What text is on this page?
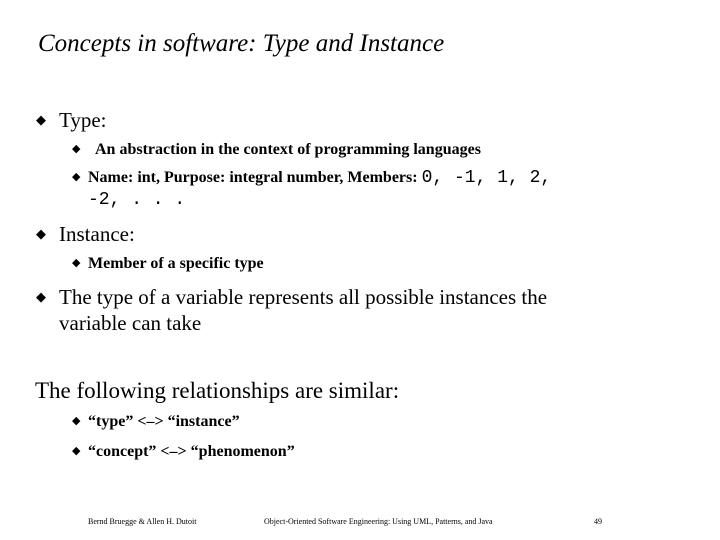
Concepts in software: Type and Instance
◆ Type:
◆ An abstraction in the context of programming languages
◆ Name: int, Purpose: integral number, Members: 0, -1, 1, 2,
-2, . . .
◆ Instance:
◆ Member of a specific type
◆ The type of a variable represents all possible instances the
variable can take
The following relationships are similar:
◆ “type” <–> “instance”
◆ “concept” <–> “phenomenon”
Bernd Bruegge & Allen H. Dutoit	Object-Oriented Software Engineering: Using UML, Patterns, and Java	49
